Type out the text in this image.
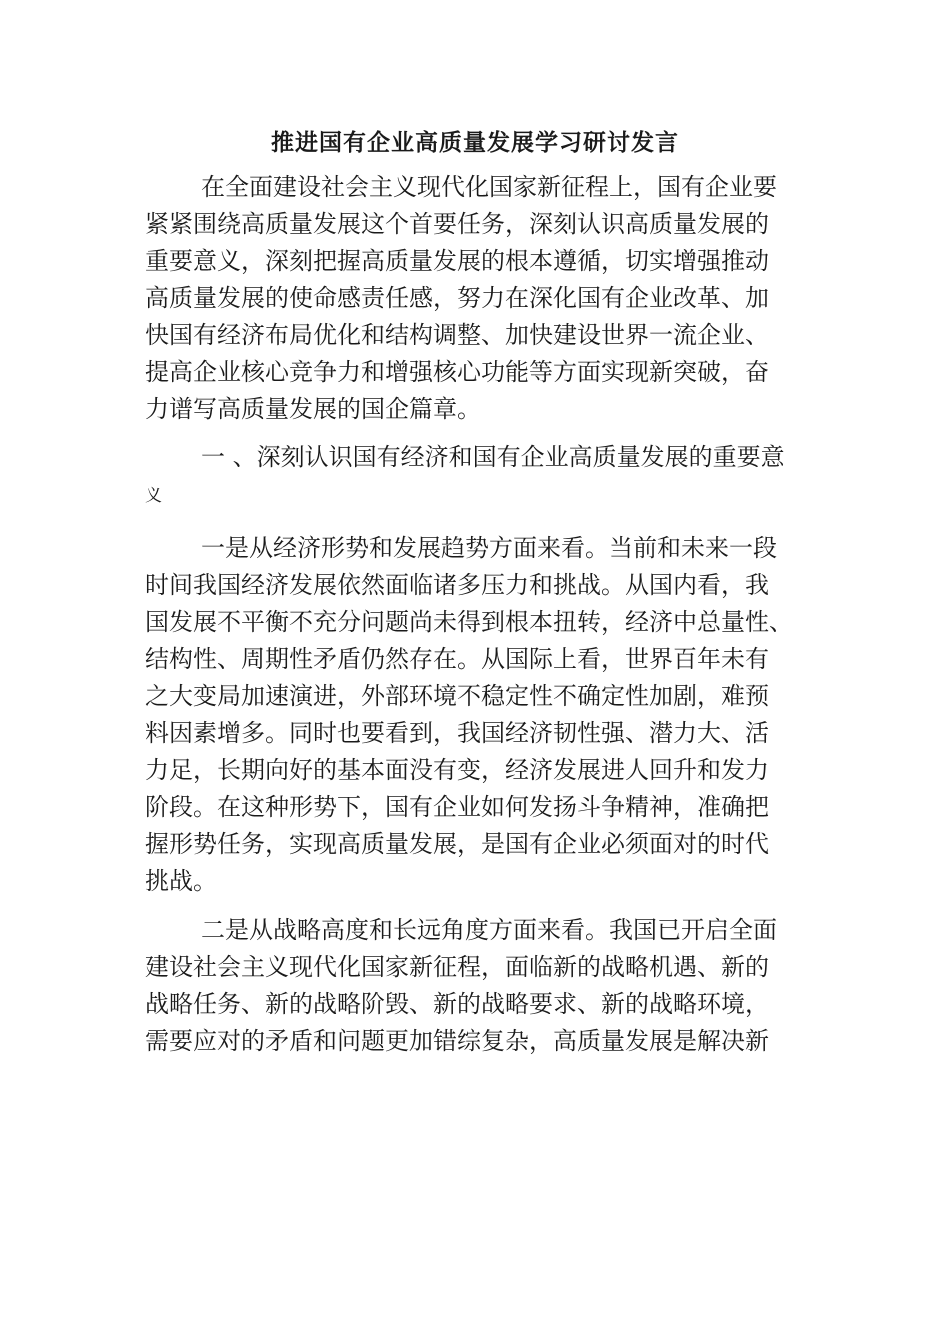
推进国有企业高质量发展学习研讨发言

在全面建设社会主义现代化国家新征程上，国有企业要

紧紧围绕高质量发展这个首要任务，深刻认识高质量发展的

重要意义，深刻把握高质量发展的根本遵循，切实增强推动

高质量发展的使命感责任感，努力在深化国有企业改革、加

快国有经济布局优化和结构调整、加快建设世界一流企业、

提高企业核心竞争力和增强核心功能等方面实现新突破，奋

力谱写高质量发展的国企篇章。

一 、深刻认识国有经济和国有企业高质量发展的重要意

义

一是从经济形势和发展趋势方面来看。当前和未来一段

时间我国经济发展依然面临诸多压力和挑战。从国内看，我

国发展不平衡不充分问题尚未得到根本扭转，经济中总量性、

结构性、周期性矛盾仍然存在。从国际上看，世界百年未有

之大变局加速演进，外部环境不稳定性不确定性加剧，难预

料因素增多。同时也要看到，我国经济韧性强、潜力大、活

力足，长期向好的基本面没有变，经济发展进人回升和发力

阶段。在这种形势下，国有企业如何发扬斗争精神，准确把

握形势任务，实现高质量发展，是国有企业必须面对的时代

挑战。

二是从战略高度和长远角度方面来看。我国已开启全面

建设社会主义现代化国家新征程，面临新的战略机遇、新的

战略任务、新的战略阶毁、新的战略要求、新的战略环境，

需要应对的矛盾和问题更加错综复杂，高质量发展是解决新
